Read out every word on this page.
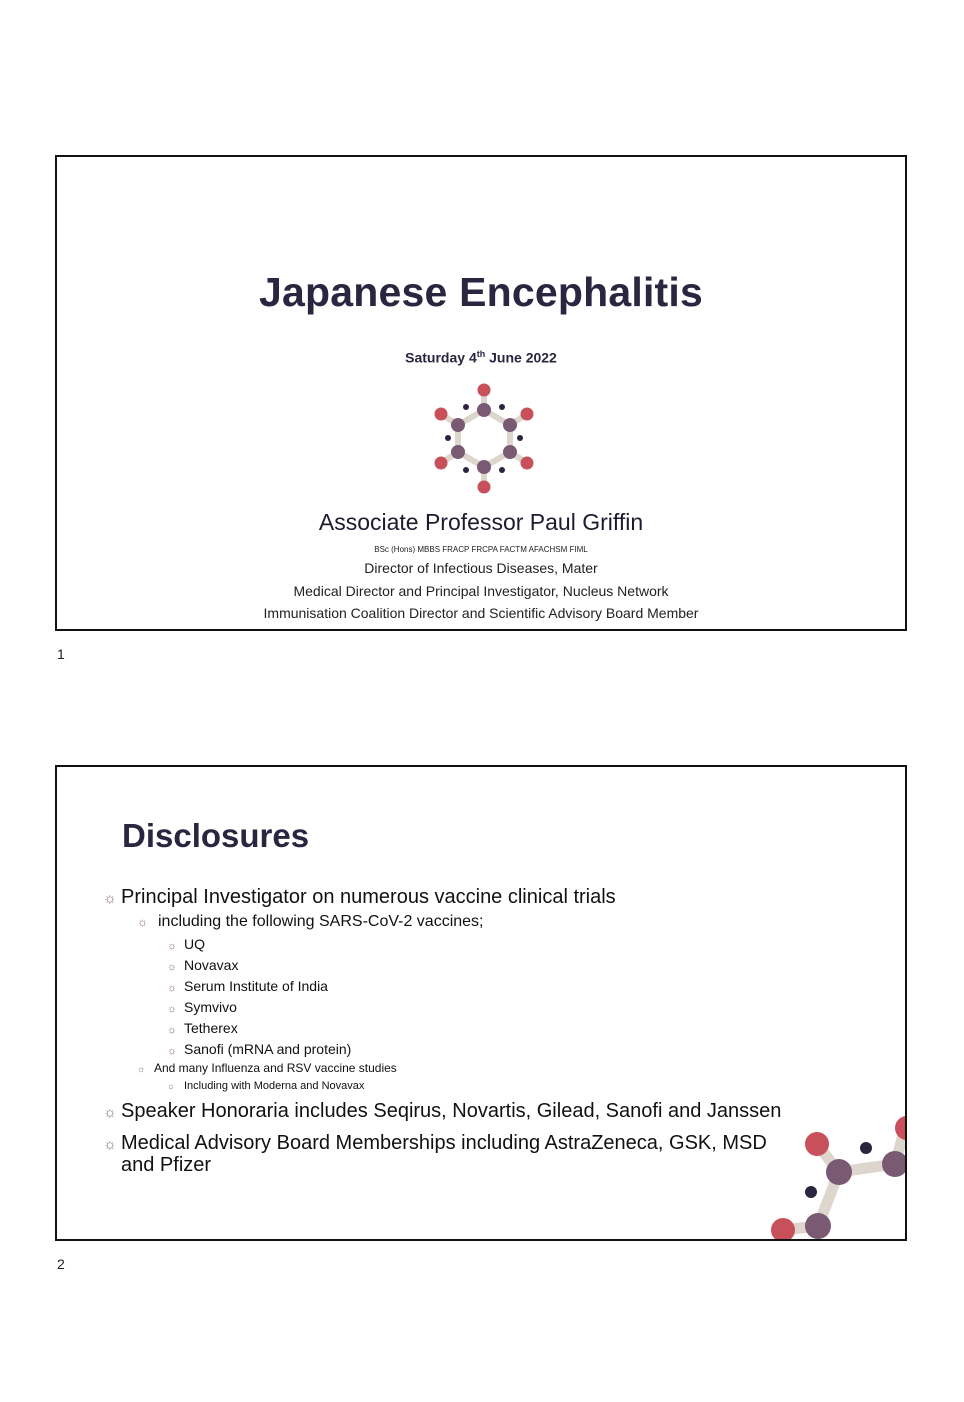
Japanese Encephalitis
Saturday 4th June 2022
Associate Professor Paul Griffin
BSc (Hons) MBBS FRACP FRCPA FACTM AFACHSM FIML
Director of Infectious Diseases, Mater
Medical Director and Principal Investigator, Nucleus Network
Immunisation Coalition Director and Scientific Advisory Board Member
1
Disclosures
☼ Principal Investigator on numerous vaccine clinical trials
☼ including the following SARS-CoV-2 vaccines;
☼ UQ
☼ Novavax
☼ Serum Institute of India
☼ Symvivo
☼ Tetherex
☼ Sanofi (mRNA and protein)
☼ And many Influenza and RSV vaccine studies
☼ Including with Moderna and Novavax
☼ Speaker Honoraria includes Seqirus, Novartis, Gilead, Sanofi and Janssen
☼ Medical Advisory Board Memberships including AstraZeneca, GSK, MSD
and Pfizer
2
